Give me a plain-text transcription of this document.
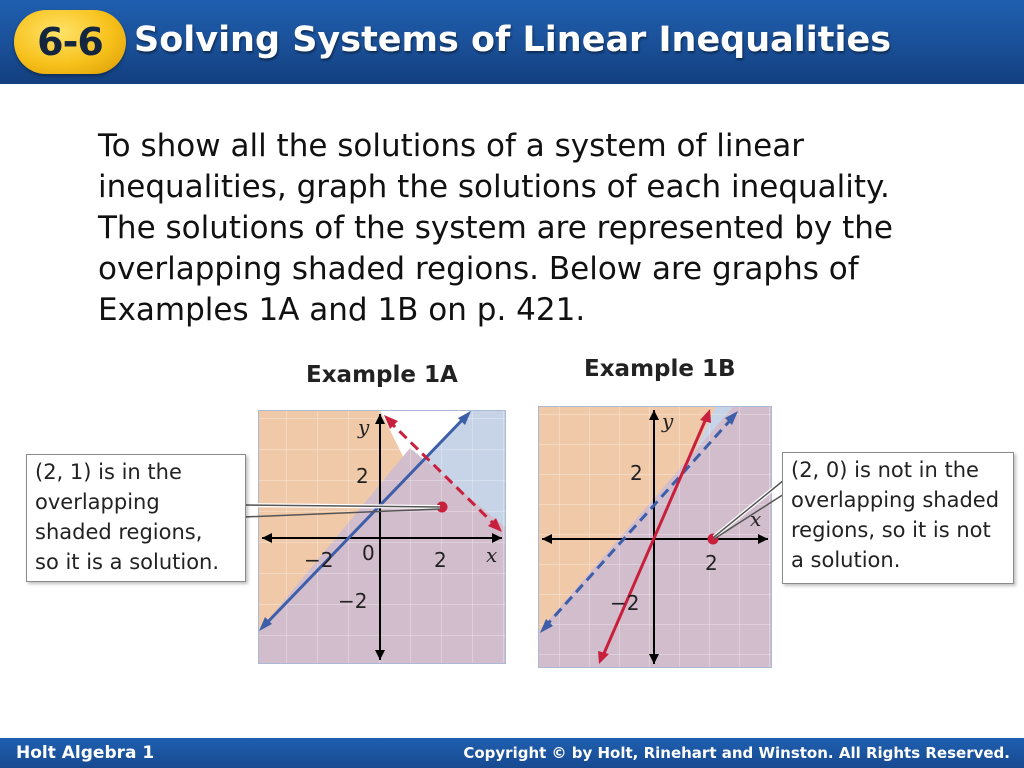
6-6 Solving Systems of Linear Inequalities

To show all the solutions of a system of linear
inequalities, graph the solutions of each inequality.
The solutions of the system are represented by the
overlapping shaded regions. Below are graphs of
Examples 1A and 1B on p. 421.

Example 1A	Example 1B
x
y
−2 0	2
2
−2
x
y
2
2
−2
(2, 1) is in the
overlapping
shaded regions,
so it is a solution.
(2, 0) is not in the
overlapping shaded
regions, so it is not
a solution.
Holt Algebra 1	Copyright © by Holt, Rinehart and Winston. All Rights Reserved.
